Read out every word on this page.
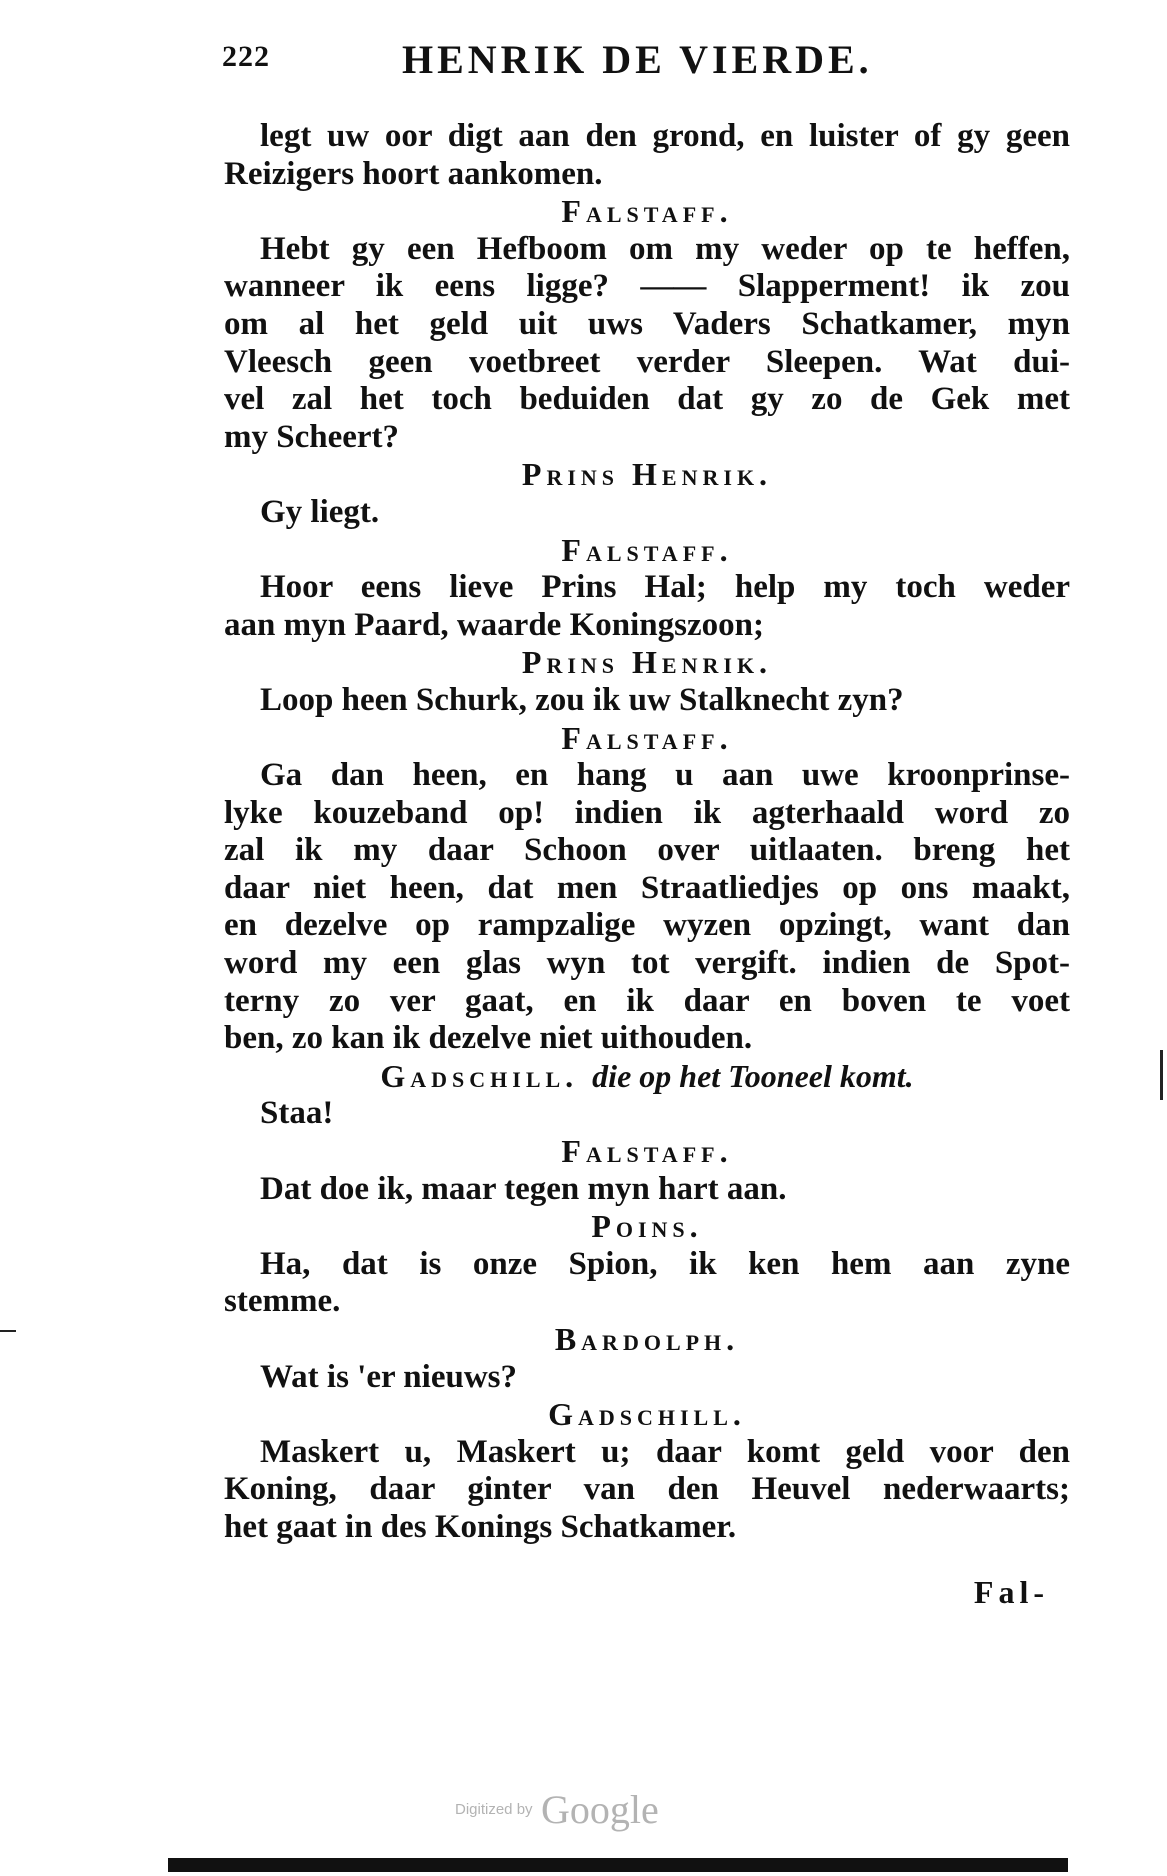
222	HENRIK DE VIERDE.
legt uw oor digt aan den grond, en luister of gy geen
Reizigers hoort aankomen.
Falstaff.
Hebt gy een Hefboom om my weder op te heffen,
wanneer ik eens ligge? —— Slapperment! ik zou
om al het geld uit uws Vaders Schatkamer, myn
Vleesch geen voetbreet verder Sleepen. Wat dui-
vel zal het toch beduiden dat gy zo de Gek met
my Scheert?
Prins Henrik.
Gy liegt.
Falstaff.
Hoor eens lieve Prins Hal; help my toch weder
aan myn Paard, waarde Koningszoon;
Prins Henrik.
Loop heen Schurk, zou ik uw Stalknecht zyn?
Falstaff.
Ga dan heen, en hang u aan uwe kroonprinse-
lyke kouzeband op! indien ik agterhaald word zo
zal ik my daar Schoon over uitlaaten. breng het
daar niet heen, dat men Straatliedjes op ons maakt,
en dezelve op rampzalige wyzen opzingt, want dan
word my een glas wyn tot vergift. indien de Spot-
terny zo ver gaat, en ik daar en boven te voet
ben, zo kan ik dezelve niet uithouden.
Gadschill. die op het Tooneel komt.
Staa!
Falstaff.
Dat doe ik, maar tegen myn hart aan.
Poins.
Ha, dat is onze Spion, ik ken hem aan zyne
stemme.
Bardolph.
Wat is 'er nieuws?
Gadschill.
Maskert u, Maskert u; daar komt geld voor den
Koning, daar ginter van den Heuvel nederwaarts;
het gaat in des Konings Schatkamer.
Fal-
Digitized by Google
